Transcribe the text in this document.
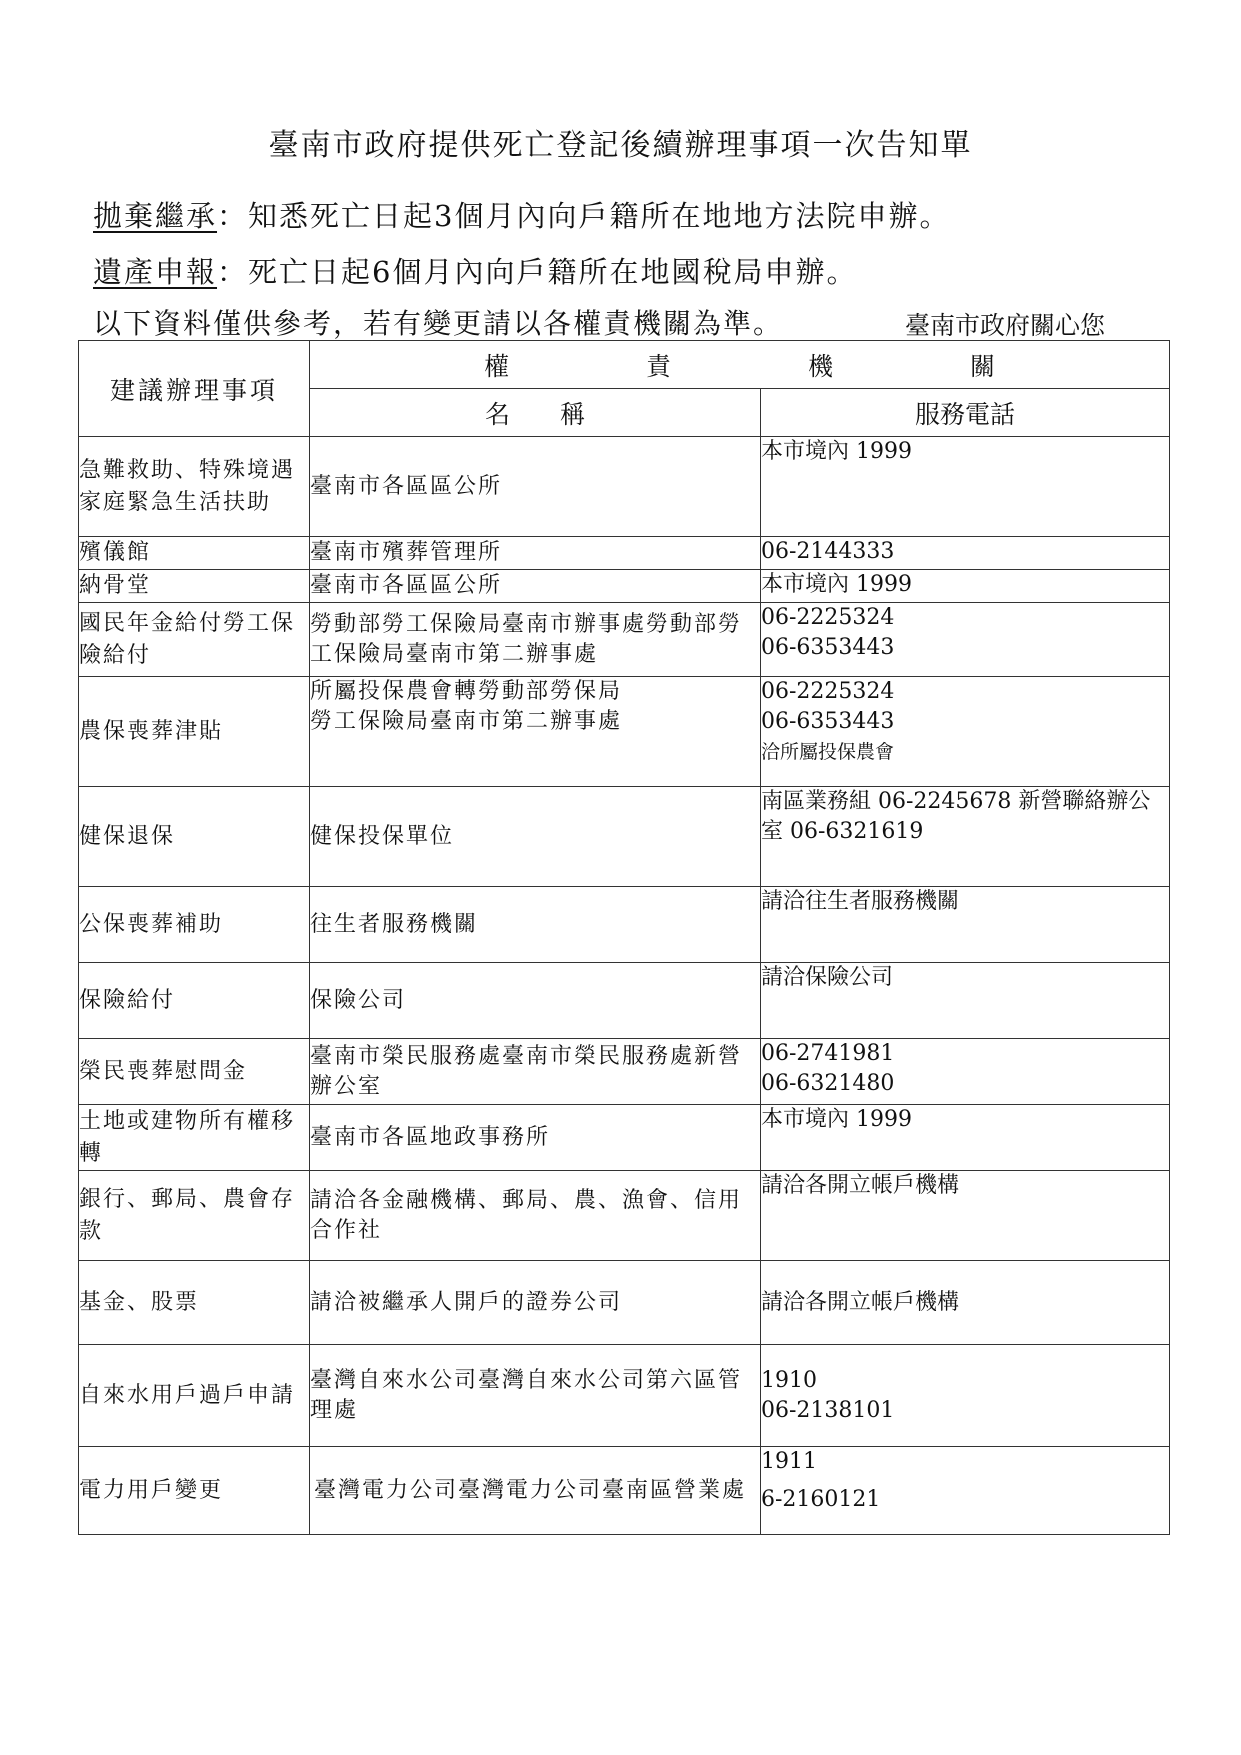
臺南市政府提供死亡登記後續辦理事項一次告知單
拋棄繼承：知悉死亡日起3個月內向戶籍所在地地方法院申辦。
遺產申報：死亡日起6個月內向戶籍所在地國稅局申辦。
以下資料僅供參考，若有變更請以各權責機關為準。	臺南市政府關心您
建議辦理事項	權 責 機 關	
	名　　稱	服務電話
急難救助、特殊境遇家庭緊急生活扶助	臺南市各區區公所	本市境內 1999

殯儀館	臺南市殯葬管理所	06-2144333

納骨堂	臺南市各區區公所	本市境內 1999

國民年金給付勞工保險給付	勞動部勞工保險局臺南市辦事處勞動部勞工保險局臺南市第二辦事處	06-2225324
06-6353443

農保喪葬津貼	所屬投保農會轉勞動部勞保局
勞工保險局臺南市第二辦事處	06-2225324
06-6353443
洽所屬投保農會

健保退保	健保投保單位	南區業務組 06-2245678 新營聯絡辦公室 06-6321619

公保喪葬補助	往生者服務機關	請洽往生者服務機關

保險給付	保險公司	請洽保險公司

榮民喪葬慰問金	臺南市榮民服務處臺南市榮民服務處新營辦公室	06-2741981
06-6321480

土地或建物所有權移轉	臺南市各區地政事務所	本市境內 1999

銀行、郵局、農會存款	請洽各金融機構、郵局、農、漁會、信用合作社	請洽各開立帳戶機構

基金、股票	請洽被繼承人開戶的證券公司	請洽各開立帳戶機構

自來水用戶過戶申請	臺灣自來水公司臺灣自來水公司第六區管理處	1910
06-2138101

電力用戶變更	臺灣電力公司臺灣電力公司臺南區營業處	1911
6-2160121
